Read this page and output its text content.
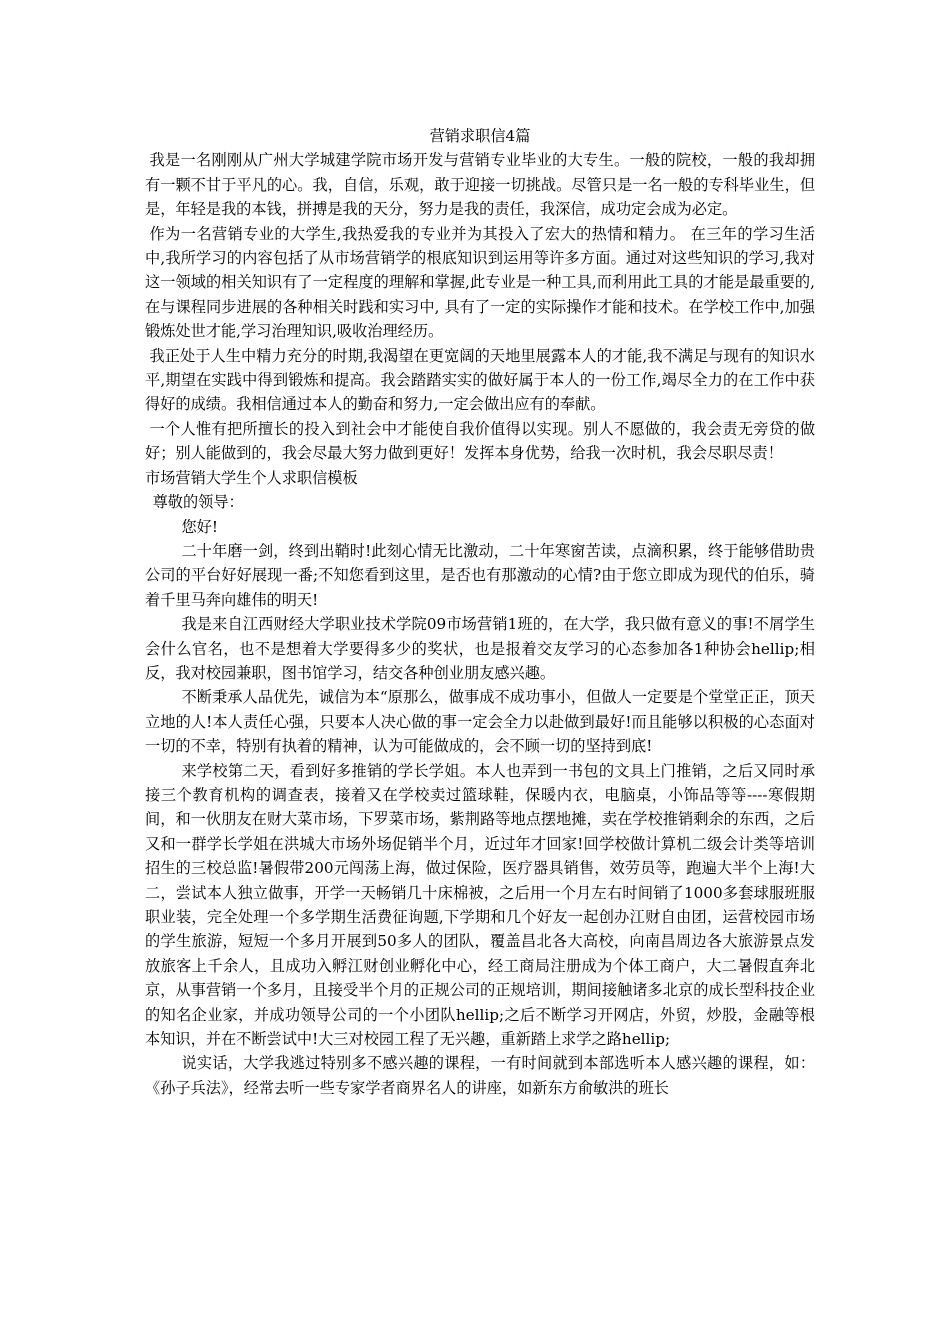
营销求职信4篇

我是一名刚刚从广州大学城建学院市场开发与营销专业毕业的大专生。一般的院校，一般的我却拥有一颗不甘于平凡的心。我，自信，乐观，敢于迎接一切挑战。尽管只是一名一般的专科毕业生，但是，年轻是我的本钱，拼搏是我的天分，努力是我的责任，我深信，成功定会成为必定。

作为一名营销专业的大学生,我热爱我的专业并为其投入了宏大的热情和精力。 在三年的学习生活中,我所学习的内容包括了从市场营销学的根底知识到运用等许多方面。通过对这些知识的学习,我对这一领域的相关知识有了一定程度的理解和掌握,此专业是一种工具,而利用此工具的才能是最重要的,在与课程同步进展的各种相关时践和实习中, 具有了一定的实际操作才能和技术。在学校工作中,加强锻炼处世才能,学习治理知识,吸收治理经历。

我正处于人生中精力充分的时期,我渴望在更宽阔的天地里展露本人的才能,我不满足与现有的知识水平,期望在实践中得到锻炼和提高。我会踏踏实实的做好属于本人的一份工作,竭尽全力的在工作中获得好的成绩。我相信通过本人的勤奋和努力,一定会做出应有的奉献。

一个人惟有把所擅长的投入到社会中才能使自我价值得以实现。别人不愿做的，我会责无旁贷的做好；别人能做到的，我会尽最大努力做到更好！发挥本身优势，给我一次时机，我会尽职尽责！

市场营销大学生个人求职信模板

尊敬的领导：

您好!

二十年磨一剑，终到出鞘时!此刻心情无比激动，二十年寒窗苦读，点滴积累，终于能够借助贵公司的平台好好展现一番;不知您看到这里，是否也有那激动的心情?由于您立即成为现代的伯乐，骑着千里马奔向雄伟的明天!

我是来自江西财经大学职业技术学院09市场营销1班的，在大学，我只做有意义的事!不屑学生会什么官名，也不是想着大学要得多少的奖状，也是报着交友学习的心态参加各1种协会hellip;相反，我对校园兼职，图书馆学习，结交各种创业朋友感兴趣。

不断秉承人品优先，诚信为本“原那么，做事成不成功事小，但做人一定要是个堂堂正正，顶天立地的人!本人责任心强，只要本人决心做的事一定会全力以赴做到最好!而且能够以积极的心态面对一切的不幸，特别有执着的精神，认为可能做成的，会不顾一切的坚持到底!

来学校第二天，看到好多推销的学长学姐。本人也弄到一书包的文具上门推销，之后又同时承接三个教育机构的调查表，接着又在学校卖过篮球鞋，保暖内衣，电脑桌，小饰品等等----寒假期间，和一伙朋友在财大菜市场，下罗菜市场，紫荆路等地点摆地摊，卖在学校推销剩余的东西，之后又和一群学长学姐在洪城大市场外场促销半个月，近过年才回家!回学校做计算机二级会计类等培训招生的三校总监!暑假带200元闯荡上海，做过保险，医疗器具销售，效劳员等，跑遍大半个上海!大二，尝试本人独立做事，开学一天畅销几十床棉被，之后用一个月左右时间销了1000多套球服班服职业装，完全处理一个多学期生活费征询题,下学期和几个好友一起创办江财自由团，运营校园市场的学生旅游，短短一个多月开展到50多人的团队，覆盖昌北各大高校，向南昌周边各大旅游景点发放旅客上千余人，且成功入孵江财创业孵化中心，经工商局注册成为个体工商户，大二暑假直奔北京，从事营销一个多月，且接受半个月的正规公司的正规培训，期间接触诸多北京的成长型科技企业的知名企业家，并成功领导公司的一个小团队hellip;之后不断学习开网店，外贸，炒股，金融等根本知识，并在不断尝试中!大三对校园工程了无兴趣，重新踏上求学之路hellip;

说实话，大学我逃过特别多不感兴趣的课程，一有时间就到本部选听本人感兴趣的课程，如：《孙子兵法》，经常去听一些专家学者商界名人的讲座，如新东方俞敏洪的班长
